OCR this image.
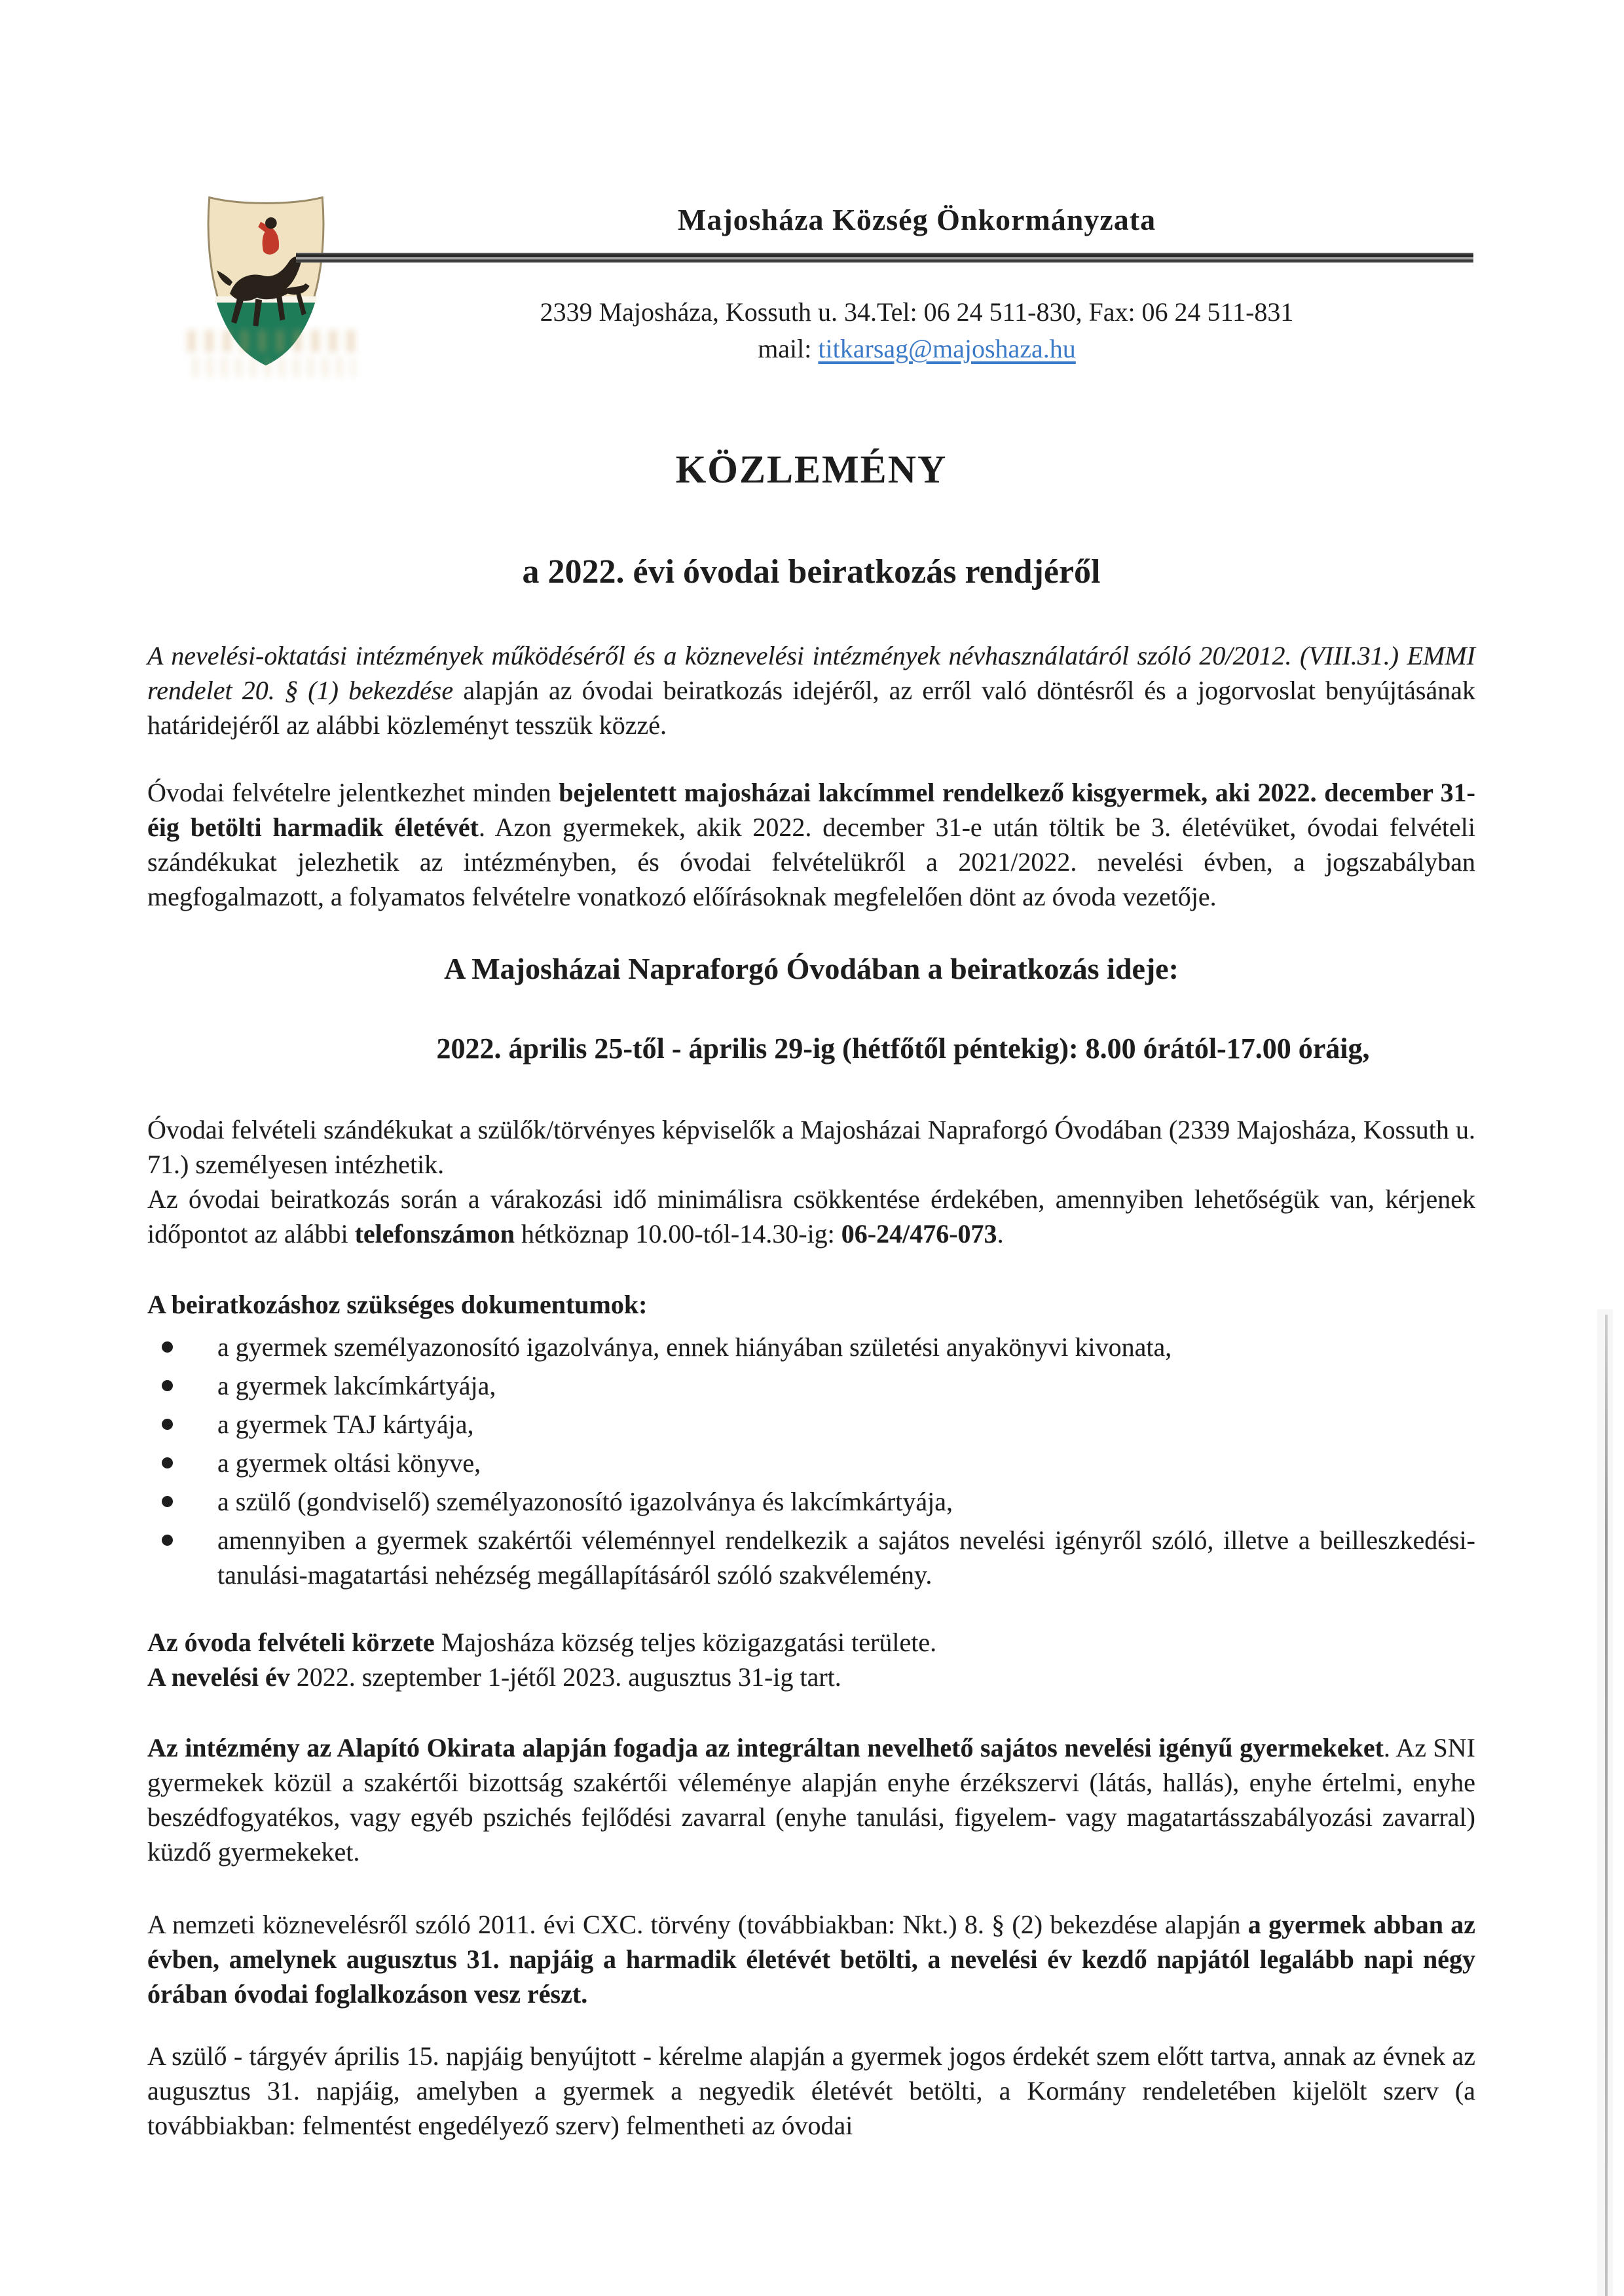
Majosháza Község Önkormányzata

2339 Majosháza, Kossuth u. 34.Tel: 06 24 511-830, Fax: 06 24 511-831

mail: titkarsag@majoshaza.hu

KÖZLEMÉNY
a 2022. évi óvodai beiratkozás rendjéről

A nevelési-oktatási intézmények működéséről és a köznevelési intézmények névhasználatáról szóló 20/2012. (VIII.31.) EMMI rendelet 20. § (1) bekezdése alapján az óvodai beiratkozás idejéről, az erről való döntésről és a jogorvoslat benyújtásának határidejéről az alábbi közleményt tesszük közzé.

Óvodai felvételre jelentkezhet minden bejelentett majosházai lakcímmel rendelkező kisgyermek, aki 2022. december 31-éig betölti harmadik életévét. Azon gyermekek, akik 2022. december 31-e után töltik be 3. életévüket, óvodai felvételi szándékukat jelezhetik az intézményben, és óvodai felvételükről a 2021/2022. nevelési évben, a jogszabályban megfogalmazott, a folyamatos felvételre vonatkozó előírásoknak megfelelően dönt az óvoda vezetője.

A Majosházai Napraforgó Óvodában a beiratkozás ideje:

2022. április 25-től - április 29-ig (hétfőtől péntekig): 8.00 órától-17.00 óráig,

Óvodai felvételi szándékukat a szülők/törvényes képviselők a Majosházai Napraforgó Óvodában (2339 Majosháza, Kossuth u. 71.) személyesen intézhetik.

Az óvodai beiratkozás során a várakozási idő minimálisra csökkentése érdekében, amennyiben lehetőségük van, kérjenek időpontot az alábbi telefonszámon hétköznap 10.00-tól-14.30-ig: 06-24/476-073.

A beiratkozáshoz szükséges dokumentumok:

a gyermek személyazonosító igazolványa, ennek hiányában születési anyakönyvi kivonata,
a gyermek lakcímkártyája,
a gyermek TAJ kártyája,
a gyermek oltási könyve,
a szülő (gondviselő) személyazonosító igazolványa és lakcímkártyája,
amennyiben a gyermek szakértői véleménnyel rendelkezik a sajátos nevelési igényről szóló, illetve a beilleszkedési-tanulási-magatartási nehézség megállapításáról szóló szakvélemény.

Az óvoda felvételi körzete Majosháza község teljes közigazgatási területe.

A nevelési év 2022. szeptember 1-jétől 2023. augusztus 31-ig tart.

Az intézmény az Alapító Okirata alapján fogadja az integráltan nevelhető sajátos nevelési igényű gyermekeket. Az SNI gyermekek közül a szakértői bizottság szakértői véleménye alapján enyhe érzékszervi (látás, hallás), enyhe értelmi, enyhe beszédfogyatékos, vagy egyéb pszichés fejlődési zavarral (enyhe tanulási, figyelem- vagy magatartásszabályozási zavarral) küzdő gyermekeket.

A nemzeti köznevelésről szóló 2011. évi CXC. törvény (továbbiakban: Nkt.) 8. § (2) bekezdése alapján a gyermek abban az évben, amelynek augusztus 31. napjáig a harmadik életévét betölti, a nevelési év kezdő napjától legalább napi négy órában óvodai foglalkozáson vesz részt.

A szülő - tárgyév április 15. napjáig benyújtott - kérelme alapján a gyermek jogos érdekét szem előtt tartva, annak az évnek az augusztus 31. napjáig, amelyben a gyermek a negyedik életévét betölti, a Kormány rendeletében kijelölt szerv (a továbbiakban: felmentést engedélyező szerv) felmentheti az óvodai
